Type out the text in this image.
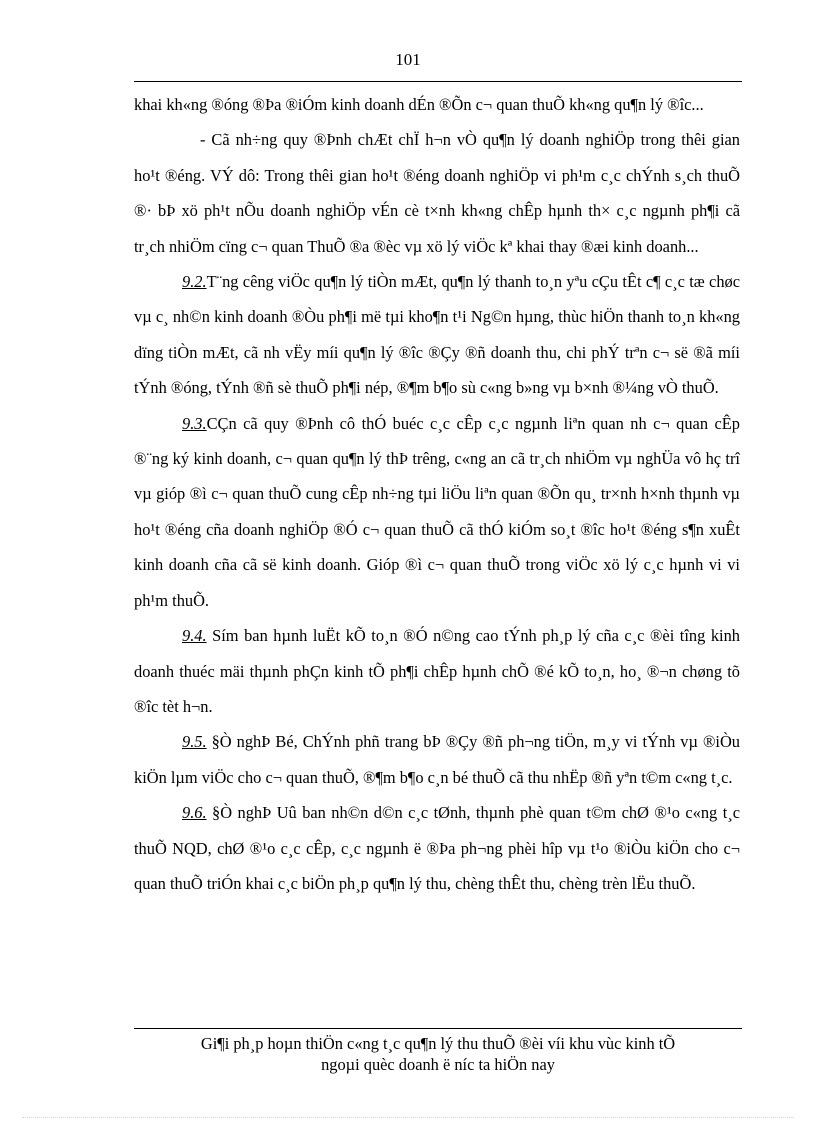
101

khai kh«ng ®óng ®Þa ®iÓm kinh doanh dÉn ®Õn c¬ quan thuÕ kh«ng qu¶n lý ®îc...

- Cã nh÷ng quy ®Þnh chÆt chÏ h¬n vÒ qu¶n lý doanh nghiÖp trong thêi gian ho¹t ®éng. VÝ dô: Trong thêi gian ho¹t ®éng doanh nghiÖp vi ph¹m c¸c chÝnh s¸ch thuÕ ®· bÞ xö ph¹t nÕu doanh nghiÖp vÉn cè t×nh kh«ng chÊp hµnh th× c¸c ngµnh ph¶i cã tr¸ch nhiÖm cïng c¬ quan ThuÕ ®a ®èc vµ xö lý viÖc kª khai thay ®æi kinh doanh...

9.2.T¨ng cêng viÖc qu¶n lý tiÒn mÆt, qu¶n lý thanh to¸n yªu cÇu tÊt c¶ c¸c tæ chøc vµ c¸ nh©n kinh doanh ®Òu ph¶i më tµi kho¶n t¹i Ng©n hµng, thùc hiÖn thanh to¸n kh«ng dïng tiÒn mÆt, cã nh vËy míi qu¶n lý ®îc ®Çy ®ñ doanh thu, chi phÝ trªn c¬ së ®ã míi tÝnh ®óng, tÝnh ®ñ sè thuÕ ph¶i nép, ®¶m b¶o sù c«ng b»ng vµ b×nh ®¼ng vÒ thuÕ.

9.3.CÇn cã quy ®Þnh cô thÓ buéc c¸c cÊp c¸c ngµnh liªn quan nh c¬ quan cÊp ®¨ng ký kinh doanh, c¬ quan qu¶n lý thÞ trêng, c«ng an cã tr¸ch nhiÖm vµ nghÜa vô hç trî vµ gióp ®ì c¬ quan thuÕ cung cÊp nh÷ng tµi liÖu liªn quan ®Õn qu¸ tr×nh h×nh thµnh vµ ho¹t ®éng cña doanh nghiÖp ®Ó c¬ quan thuÕ cã thÓ kiÓm so¸t ®îc ho¹t ®éng s¶n xuÊt kinh doanh cña cã së kinh doanh. Gióp ®ì c¬ quan thuÕ trong viÖc xö lý c¸c hµnh vi vi ph¹m thuÕ.

9.4. Sím ban hµnh luËt kÕ to¸n ®Ó n©ng cao tÝnh ph¸p lý cña c¸c ®èi tîng kinh doanh thuéc mäi thµnh phÇn kinh tÕ ph¶i chÊp hµnh chÕ ®é kÕ to¸n, ho¸ ®¬n chøng tõ ®îc tèt h¬n.

9.5. §Ò nghÞ Bé, ChÝnh phñ trang bÞ ®Çy ®ñ ph¬ng tiÖn, m¸y vi tÝnh vµ ®iÒu kiÖn lµm viÖc cho c¬ quan thuÕ, ®¶m b¶o c¸n bé thuÕ cã thu nhËp ®ñ yªn t©m c«ng t¸c.

9.6. §Ò nghÞ Uû ban nh©n d©n c¸c tØnh, thµnh phè quan t©m chØ ®¹o c«ng t¸c thuÕ NQD, chØ ®¹o c¸c cÊp, c¸c ngµnh ë ®Þa ph¬ng phèi hîp vµ t¹o ®iÒu kiÖn cho c¬ quan thuÕ triÓn khai c¸c biÖn ph¸p qu¶n lý thu, chèng thÊt thu, chèng trèn lËu thuÕ.

Gi¶i ph¸p hoµn thiÖn c«ng t¸c qu¶n lý thu thuÕ ®èi víi khu vùc kinh tÕ
ngoµi quèc doanh ë níc ta hiÖn nay
